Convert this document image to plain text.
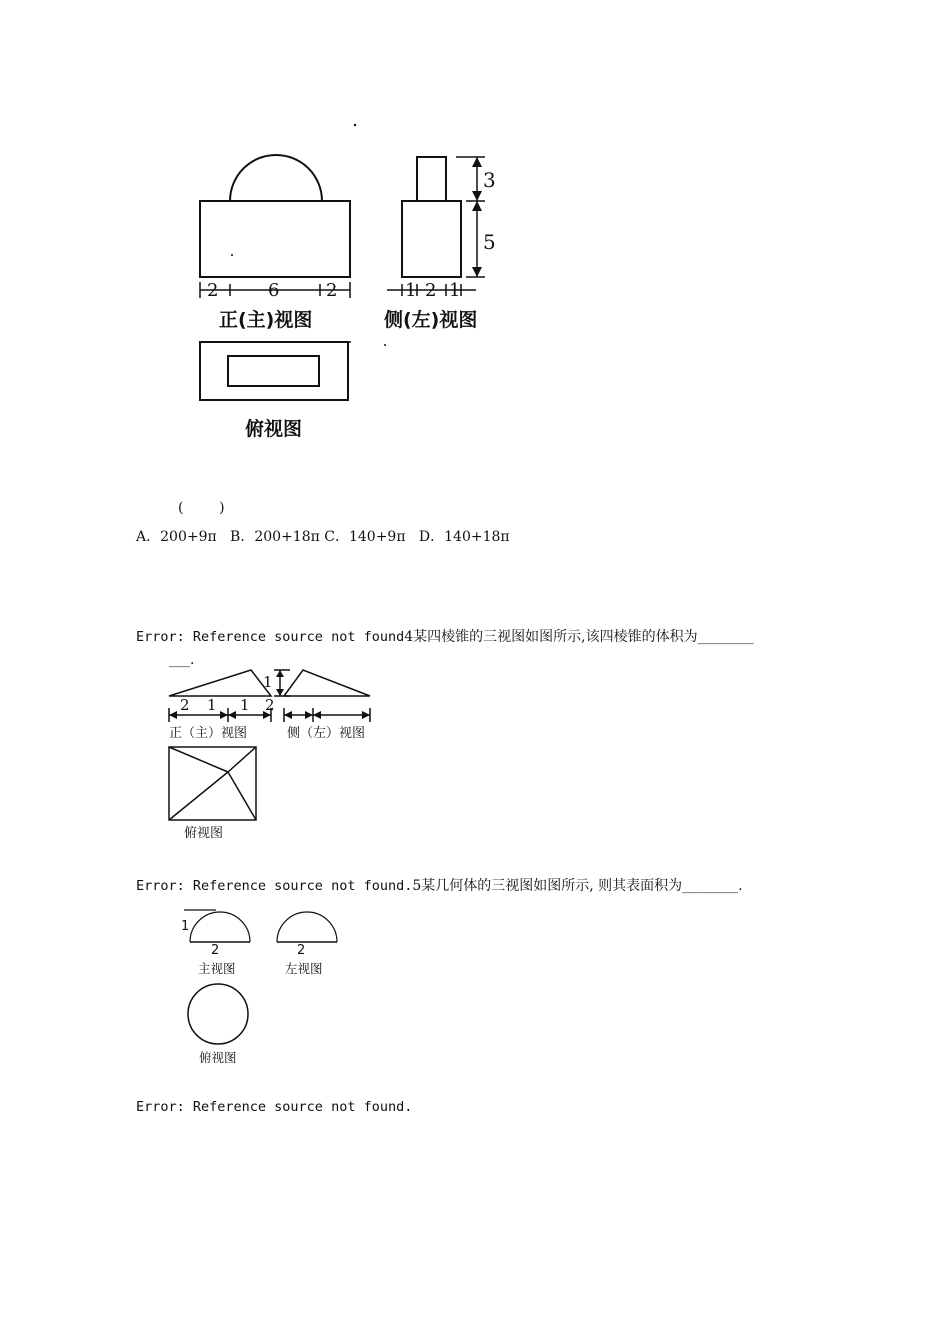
2	6	2	1 2 1
3
5
正(主)视图	侧(左)视图
俯视图
(        )
A．200+9π B．200+18π C．140+9π D．140+18π
Error: Reference source not found4某四棱锥的三视图如图所示,该四棱锥的体积为________
___.
2 1 1
1
2
正（主）视图	侧（左）视图
俯视图
Error: Reference source not found.5某几何体的三视图如图所示, 则其表面积为________.
1
2	2
主视图	左视图
俯视图
Error: Reference source not found.
